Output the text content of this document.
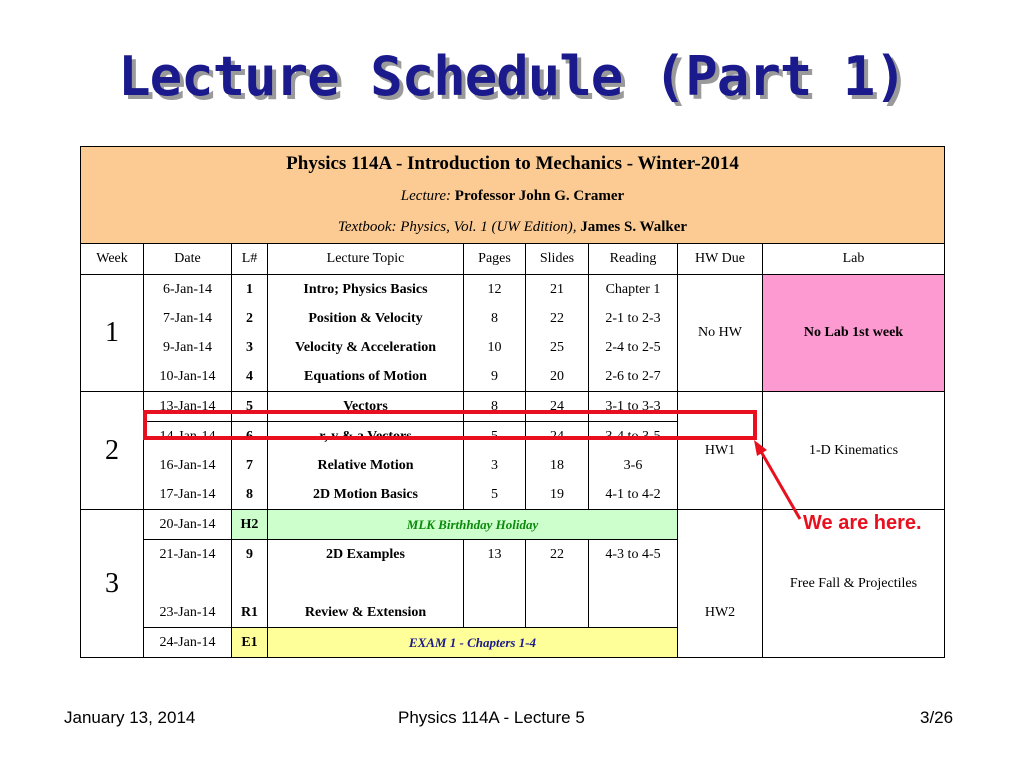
Lecture Schedule (Part 1)
Physics 114A - Introduction to Mechanics - Winter-2014								
Lecture: Professor John G. Cramer								
Textbook: Physics, Vol. 1 (UW Edition), James S. Walker								
Week	Date	L#	Lecture Topic	Pages	Slides	Reading	HW Due	Lab
1	6-Jan-14	1	Intro; Physics Basics	12	21	Chapter 1	No HW	No Lab 1st week
	7-Jan-14	2	Position & Velocity	8	22	2-1 to 2-3		
	9-Jan-14	3	Velocity & Acceleration	10	25	2-4 to 2-5		
	10-Jan-14	4	Equations of Motion	9	20	2-6 to 2-7		
2	13-Jan-14	5	Vectors	8	24	3-1 to 3-3	HW1	1-D Kinematics
	14-Jan-14	6	r, v & a Vectors	5	24	3-4 to 3-5		
	16-Jan-14	7	Relative Motion	3	18	3-6		
	17-Jan-14	8	2D Motion Basics	5	19	4-1 to 4-2		
3	20-Jan-14	H2	MLK Birthhday Holiday				HW2	Free Fall & Projectiles
	21-Jan-14	9	2D Examples	13	22	4-3 to 4-5		

	23-Jan-14	R1	Review & Extension					
	24-Jan-14	E1	EXAM 1 - Chapters 1-4					
We are here.
January 13, 2014	Physics 114A - Lecture 5	3/26
